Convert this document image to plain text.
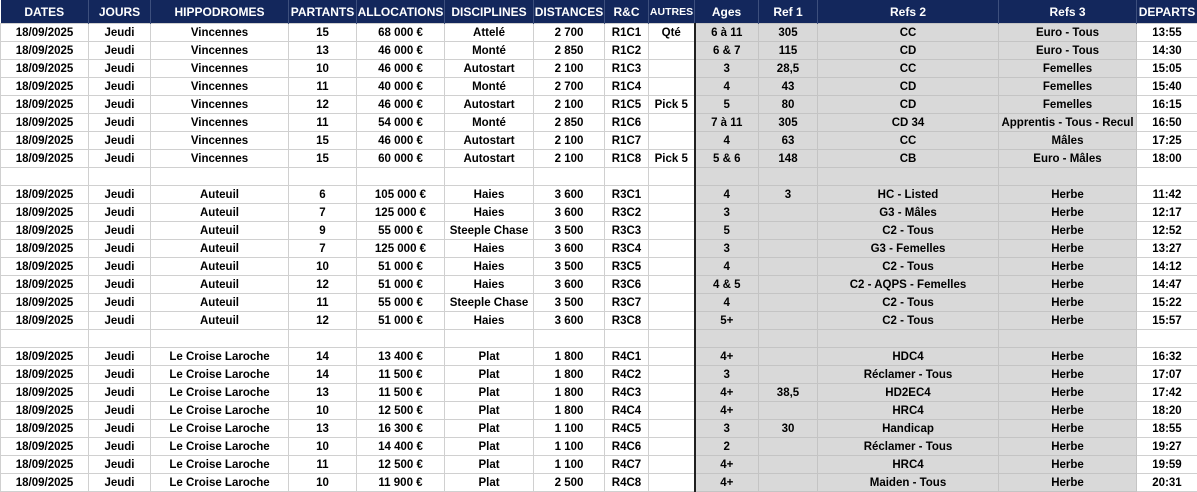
DATES	JOURS	HIPPODROMES	PARTANTS	ALLOCATIONS	DISCIPLINES	DISTANCES	R&C	AUTRES	Ages	Ref 1	Refs 2	Refs 3	DEPARTS
18/09/2025	Jeudi	Vincennes	15	68 000 €	Attelé	2 700	R1C1	Qté	6 à 11	305	CC	Euro - Tous	13:55
18/09/2025	Jeudi	Vincennes	13	46 000 €	Monté	2 850	R1C2		6 & 7	115	CD	Euro - Tous	14:30
18/09/2025	Jeudi	Vincennes	10	46 000 €	Autostart	2 100	R1C3		3	28,5	CC	Femelles	15:05
18/09/2025	Jeudi	Vincennes	11	40 000 €	Monté	2 700	R1C4		4	43	CD	Femelles	15:40
18/09/2025	Jeudi	Vincennes	12	46 000 €	Autostart	2 100	R1C5	Pick 5	5	80	CD	Femelles	16:15
18/09/2025	Jeudi	Vincennes	11	54 000 €	Monté	2 850	R1C6		7 à 11	305	CD 34	Apprentis - Tous - Recul	16:50
18/09/2025	Jeudi	Vincennes	15	46 000 €	Autostart	2 100	R1C7		4	63	CC	Mâles	17:25
18/09/2025	Jeudi	Vincennes	15	60 000 €	Autostart	2 100	R1C8	Pick 5	5 & 6	148	CB	Euro - Mâles	18:00

18/09/2025	Jeudi	Auteuil	6	105 000 €	Haies	3 600	R3C1		4	3	HC - Listed	Herbe	11:42
18/09/2025	Jeudi	Auteuil	7	125 000 €	Haies	3 600	R3C2		3		G3 - Mâles	Herbe	12:17
18/09/2025	Jeudi	Auteuil	9	55 000 €	Steeple Chase	3 500	R3C3		5		C2 - Tous	Herbe	12:52
18/09/2025	Jeudi	Auteuil	7	125 000 €	Haies	3 600	R3C4		3		G3 - Femelles	Herbe	13:27
18/09/2025	Jeudi	Auteuil	10	51 000 €	Haies	3 500	R3C5		4		C2 - Tous	Herbe	14:12
18/09/2025	Jeudi	Auteuil	12	51 000 €	Haies	3 600	R3C6		4 & 5		C2 - AQPS - Femelles	Herbe	14:47
18/09/2025	Jeudi	Auteuil	11	55 000 €	Steeple Chase	3 500	R3C7		4		C2 - Tous	Herbe	15:22
18/09/2025	Jeudi	Auteuil	12	51 000 €	Haies	3 600	R3C8		5+		C2 - Tous	Herbe	15:57

18/09/2025	Jeudi	Le Croise Laroche	14	13 400 €	Plat	1 800	R4C1		4+		HDC4	Herbe	16:32
18/09/2025	Jeudi	Le Croise Laroche	14	11 500 €	Plat	1 800	R4C2		3		Réclamer - Tous	Herbe	17:07
18/09/2025	Jeudi	Le Croise Laroche	13	11 500 €	Plat	1 800	R4C3		4+	38,5	HD2EC4	Herbe	17:42
18/09/2025	Jeudi	Le Croise Laroche	10	12 500 €	Plat	1 800	R4C4		4+		HRC4	Herbe	18:20
18/09/2025	Jeudi	Le Croise Laroche	13	16 300 €	Plat	1 100	R4C5		3	30	Handicap	Herbe	18:55
18/09/2025	Jeudi	Le Croise Laroche	10	14 400 €	Plat	1 100	R4C6		2		Réclamer - Tous	Herbe	19:27
18/09/2025	Jeudi	Le Croise Laroche	11	12 500 €	Plat	1 100	R4C7		4+		HRC4	Herbe	19:59
18/09/2025	Jeudi	Le Croise Laroche	10	11 900 €	Plat	2 500	R4C8		4+		Maiden - Tous	Herbe	20:31
